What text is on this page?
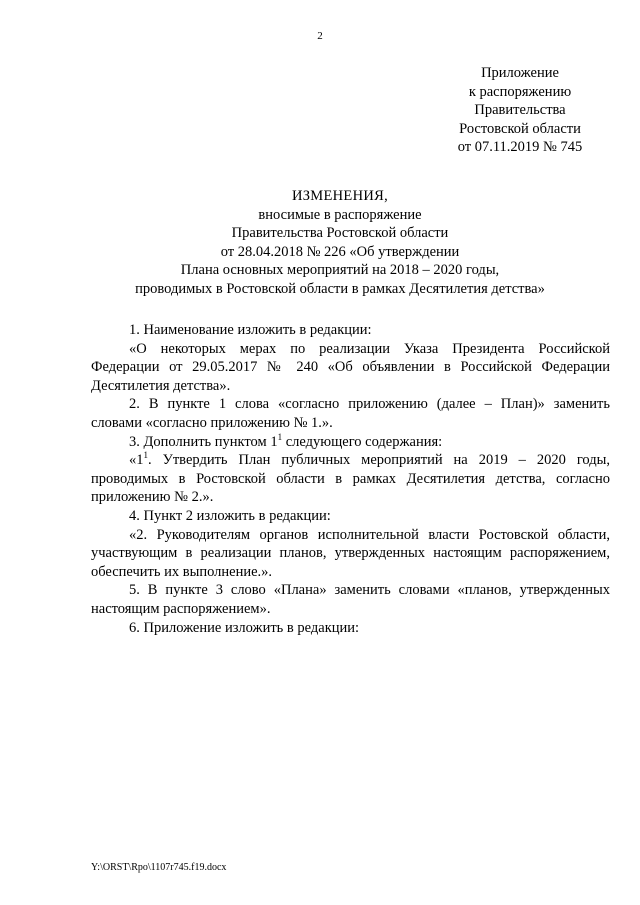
2
Приложение
к распоряжению
Правительства
Ростовской области
от 07.11.2019 № 745
ИЗМЕНЕНИЯ,
вносимые в распоряжение
Правительства Ростовской области
от 28.04.2018 № 226 «Об утверждении
Плана основных мероприятий на 2018 – 2020 годы,
проводимых в Ростовской области в рамках Десятилетия детства»

1. Наименование изложить в редакции:

«О некоторых мерах по реализации Указа Президента Российской Федерации от 29.05.2017 № 240 «Об объявлении в Российской Федерации Десятилетия детства».

2. В пункте 1 слова «согласно приложению (далее – План)» заменить словами «согласно приложению № 1.».

3. Дополнить пунктом $1^1$ следующего содержания:

«$1^1$. Утвердить План публичных мероприятий на 2019 – 2020 годы, проводимых в Ростовской области в рамках Десятилетия детства, согласно приложению № 2.».

4. Пункт 2 изложить в редакции:

«2. Руководителям органов исполнительной власти Ростовской области, участвующим в реализации планов, утвержденных настоящим распоряжением, обеспечить их выполнение.».

5. В пункте 3 слово «Плана» заменить словами «планов, утвержденных настоящим распоряжением».

6. Приложение изложить в редакции:

Y:\ORST\Rpo\1107r745.f19.docx
